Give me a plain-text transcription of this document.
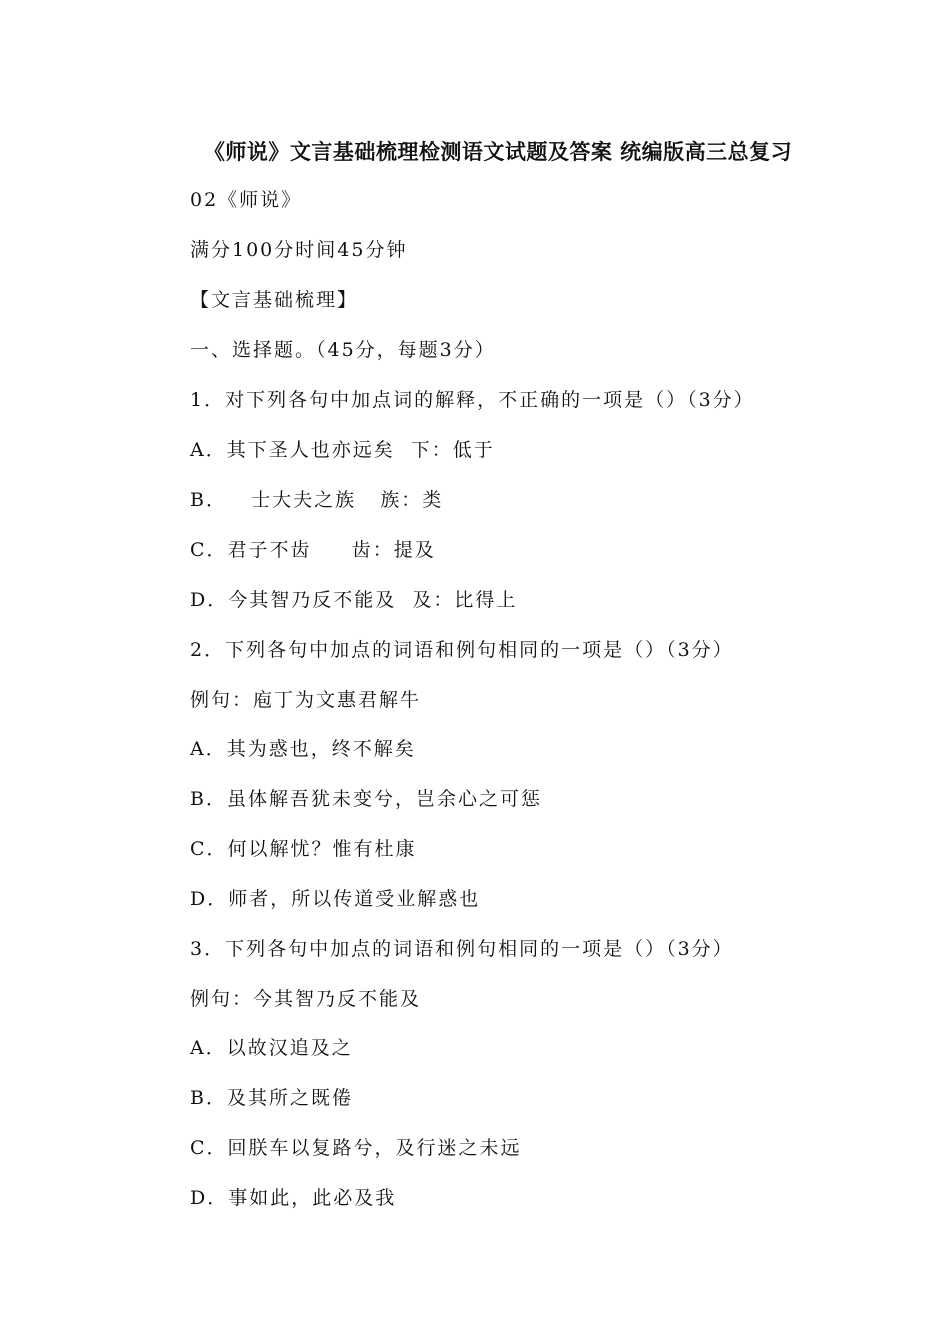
《师说》文言基础梳理检测语文试题及答案 统编版高三总复习
02《师说》
满分100分时间45分钟
【文言基础梳理】
一、选择题。（45分，每题3分）
1．对下列各句中加点词的解释，不正确的一项是（）（3分）
A．其下圣人也亦远矣  下：低于
B．   士大夫之族   族：类
C．君子不齿     齿：提及
D．今其智乃反不能及  及：比得上
2．下列各句中加点的词语和例句相同的一项是（）（3分）
例句：庖丁为文惠君解牛
A．其为惑也，终不解矣
B．虽体解吾犹未变兮，岂余心之可惩
C．何以解忧？惟有杜康
D．师者，所以传道受业解惑也
3．下列各句中加点的词语和例句相同的一项是（）（3分）
例句：今其智乃反不能及
A．以故汉追及之
B．及其所之既倦
C．回朕车以复路兮，及行迷之未远
D．事如此，此必及我
